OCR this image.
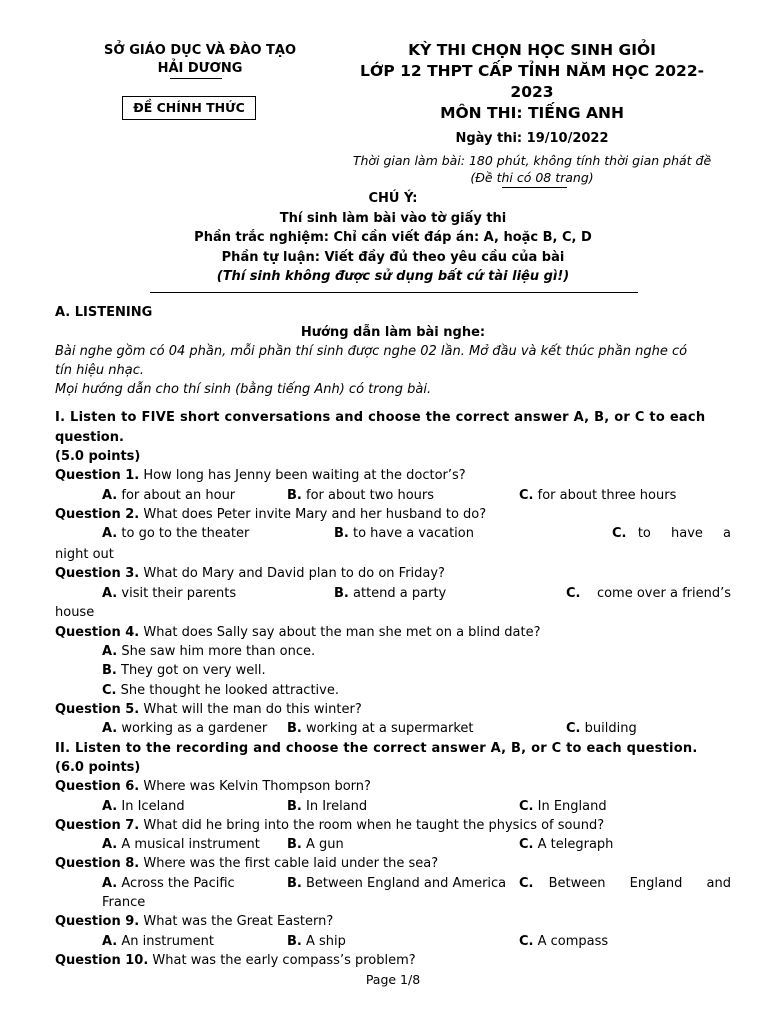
SỞ GIÁO DỤC VÀ ĐÀO TẠO
HẢI DƯƠNG
ĐỀ CHÍNH THỨC
KỲ THI CHỌN HỌC SINH GIỎI
LỚP 12 THPT CẤP TỈNH NĂM HỌC 2022-
2023
MÔN THI: TIẾNG ANH
Ngày thi: 19/10/2022
Thời gian làm bài: 180 phút, không tính thời gian phát đề
(Đề thi có 08 trang)
CHÚ Ý:
Thí sinh làm bài vào tờ giấy thi
Phần trắc nghiệm: Chỉ cần viết đáp án: A, hoặc B, C, D
Phần tự luận: Viết đầy đủ theo yêu cầu của bài
(Thí sinh không được sử dụng bất cứ tài liệu gì!)
A. LISTENING
Hướng dẫn làm bài nghe:
Bài nghe gồm có 04 phần, mỗi phần thí sinh được nghe 02 lần. Mở đầu và kết thúc phần nghe có
tín hiệu nhạc.
Mọi hướng dẫn cho thí sinh (bằng tiếng Anh) có trong bài.
I. Listen to FIVE short conversations and choose the correct answer A, B, or C to each
question.
(5.0 points)
Question 1. How long has Jenny been waiting at the doctor’s?
A. for about an hour	B. for about two hours	C. for about three hours
Question 2. What does Peter invite Mary and her husband to do?
A. to go to the theater	B. to have a vacation	C. to have a
night out
Question 3. What do Mary and David plan to do on Friday?
A. visit their parents	B. attend a party	C. come over a friend’s
house
Question 4. What does Sally say about the man she met on a blind date?
A. She saw him more than once.
B. They got on very well.
C. She thought he looked attractive.
Question 5. What will the man do this winter?
A. working as a gardener B. working at a supermarket	C. building
II. Listen to the recording and choose the correct answer A, B, or C to each question.
(6.0 points)
Question 6. Where was Kelvin Thompson born?
A. In Iceland	B. In Ireland	C. In England
Question 7. What did he bring into the room when he taught the physics of sound?
A. A musical instrument B. A gun	C. A telegraph
Question 8. Where was the first cable laid under the sea?
A. Across the Pacific	B. Between England and America C. Between England and
France
Question 9. What was the Great Eastern?
A. An instrument	B. A ship	C. A compass
Question 10. What was the early compass’s problem?
Page 1/8
